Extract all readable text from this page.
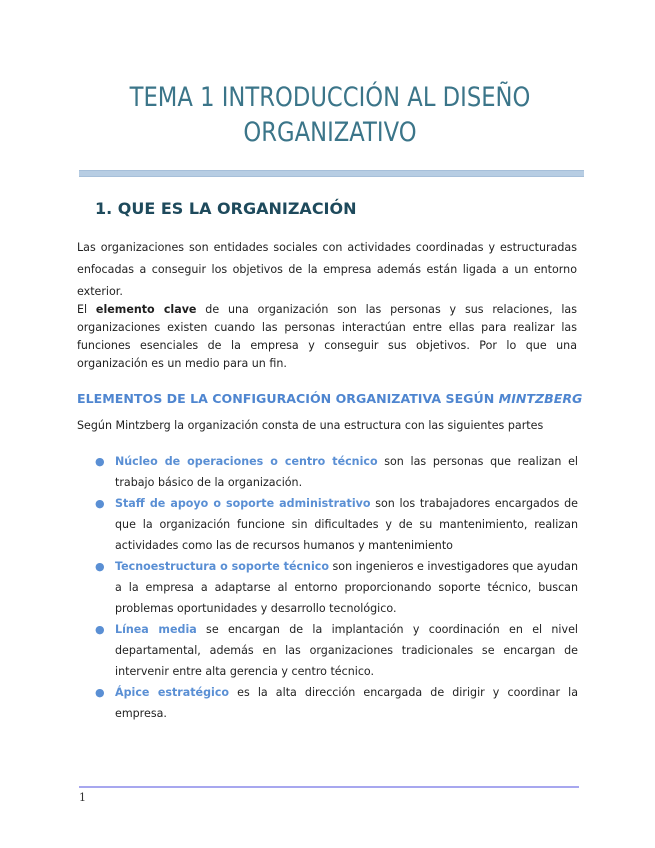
TEMA 1 INTRODUCCIÓN AL DISEÑO
ORGANIZATIVO
1. QUE ES LA ORGANIZACIÓN
Las organizaciones son entidades sociales con actividades coordinadas y estructuradas enfocadas a conseguir los objetivos de la empresa además están ligada a un entorno exterior.
El elemento clave de una organización son las personas y sus relaciones, las organizaciones existen cuando las personas interactúan entre ellas para realizar las funciones esenciales de la empresa y conseguir sus objetivos. Por lo que una organización es un medio para un fin.
ELEMENTOS DE LA CONFIGURACIÓN ORGANIZATIVA SEGÚN MINTZBERG
Según Mintzberg la organización consta de una estructura con las siguientes partes
● Núcleo de operaciones o centro técnico son las personas que realizan el trabajo básico de la organización.
● Staff de apoyo o soporte administrativo son los trabajadores encargados de que la organización funcione sin dificultades y de su mantenimiento, realizan actividades como las de recursos humanos y mantenimiento
● Tecnoestructura o soporte técnico son ingenieros e investigadores que ayudan a la empresa a adaptarse al entorno proporcionando soporte técnico, buscan problemas oportunidades y desarrollo tecnológico.
● Línea media se encargan de la implantación y coordinación en el nivel departamental, además en las organizaciones tradicionales se encargan de intervenir entre alta gerencia y centro técnico.
● Ápice estratégico es la alta dirección encargada de dirigir y coordinar la empresa.
1
